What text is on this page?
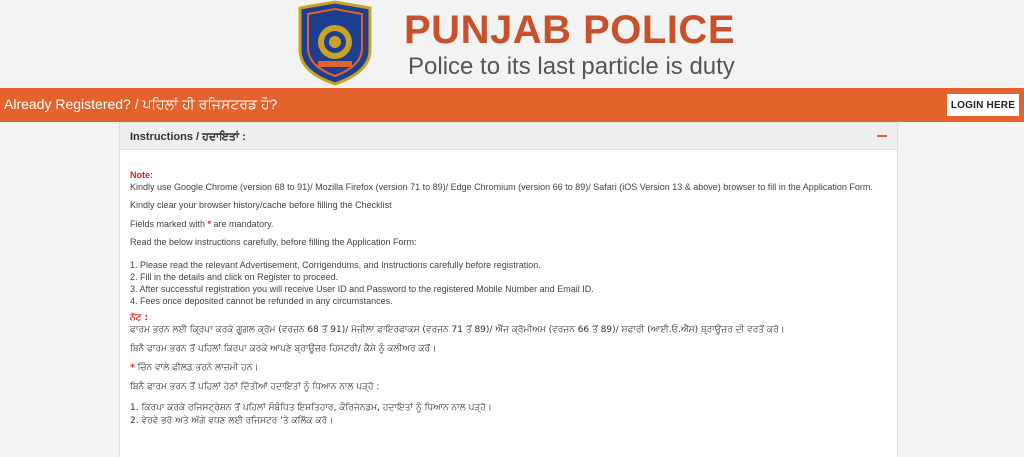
PUNJAB POLICE
Police to its last particle is duty
Already Registered? / ਪਹਿਲਾਂ ਹੀ ਰਜਿਸਟਰਡ ਹੋ?	LOGIN HERE
Instructions / ਹਦਾਇਤਾਂ :
Note:
Kindly use Google Chrome (version 68 to 91)/ Mozilla Firefox (version 71 to 89)/ Edge Chromium (version 66 to 89)/ Safari (iOS Version 13 & above) browser to fill in the Application Form.
Kindly clear your browser history/cache before filling the Checklist
Fields marked with * are mandatory.
Read the below instructions carefully, before filling the Application Form:
1. Please read the relevant Advertisement, Corrigendums, and Instructions carefully before registration.
2. Fill in the details and click on Register to proceed.
3. After successful registration you will receive User ID and Password to the registered Mobile Number and Email ID.
4. Fees once deposited cannot be refunded in any circumstances.
ਨੋਟ :
ਫਾਰਮ ਭਰਨ ਲਈ ਕ੍ਰਿਪਾ ਕਰਕੇ ਗੂਗਲ ਕ੍ਰੋਮ (ਵਰਜ਼ਨ 68 ਤੋਂ 91)/ ਮੋਜ਼ੀਲਾ ਫਾਇਰਫਾਕਸ (ਵਰਜ਼ਨ 71 ਤੋਂ 89)/ ਐੱਜ ਕ੍ਰੋਮੀਅਮ (ਵਰਜ਼ਨ 66 ਤੋਂ 89)/ ਸਫਾਰੀ (ਆਈ.ਓ.ਐੱਸ) ਬ੍ਰਾਊਜ਼ਰ ਦੀ ਵਰਤੋਂ ਕਰੋ।
ਬਿਨੈ ਫਾਰਮ ਭਰਨ ਤੋਂ ਪਹਿਲਾਂ ਕਿਰਪਾ ਕਰਕੇ ਆਪਣੇ ਬ੍ਰਾਊਜ਼ਰ ਹਿਸਟਰੀ/ ਕੈਸ਼ੇ ਨੂੰ ਕਲੀਅਰ ਕਰੋਂ।
* ਚਿੰਨ ਵਾਲੇ ਫੀਲਡ ਭਰਨੇ ਲਾਜ਼ਮੀ ਹਨ।
ਬਿਨੈ ਫਾਰਮ ਭਰਨ ਤੋਂ ਪਹਿਲਾਂ ਹੇਠਾਂ ਦਿੱਤੀਆਂ ਹਦਾਇਤਾਂ ਨੂੰ ਧਿਆਨ ਨਾਲ ਪੜ੍ਹੋ :
1. ਕਿਰਪਾ ਕਰਕੇ ਰਜਿਸਟ੍ਰੇਸ਼ਨ ਤੋਂ ਪਹਿਲਾਂ ਸੰਬੰਧਿਤ ਇਸ਼ਤਿਹਾਰ, ਕੌਰਿਜੇਨਡਮ, ਹਦਾਇਤਾਂ ਨੂੰ ਧਿਆਨ ਨਾਲ ਪੜ੍ਹੋ।
2. ਵੇਰਵੇ ਭਰੋ ਅਤੇ ਅੱਗੇ ਵਧਣ ਲਈ ਰਜਿਸਟਰ 'ਤੇ ਕਲਿੱਕ ਕਰੋ।
